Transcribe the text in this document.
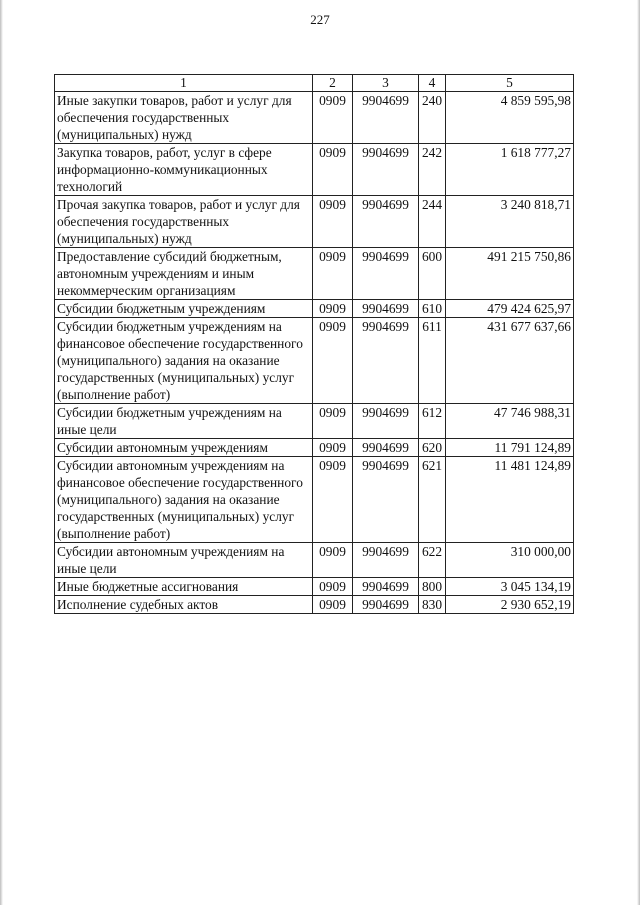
227
1	2	3	4	5
Иные закупки товаров, работ и услуг для обеспечения государственных (муниципальных) нужд	0909	9904699	240	4 859 595,98
Закупка товаров, работ, услуг в сфере информационно-коммуникационных технологий	0909	9904699	242	1 618 777,27
Прочая закупка товаров, работ и услуг для обеспечения государственных (муниципальных) нужд	0909	9904699	244	3 240 818,71
Предоставление субсидий бюджетным, автономным учреждениям и иным некоммерческим организациям	0909	9904699	600	491 215 750,86
Субсидии бюджетным учреждениям	0909	9904699	610	479 424 625,97
Субсидии бюджетным учреждениям на финансовое обеспечение государственного (муниципального) задания на оказание государственных (муниципальных) услуг (выполнение работ)	0909	9904699	611	431 677 637,66
Субсидии бюджетным учреждениям на иные цели	0909	9904699	612	47 746 988,31
Субсидии автономным учреждениям	0909	9904699	620	11 791 124,89
Субсидии автономным учреждениям на финансовое обеспечение государственного (муниципального) задания на оказание государственных (муниципальных) услуг (выполнение работ)	0909	9904699	621	11 481 124,89
Субсидии автономным учреждениям на иные цели	0909	9904699	622	310 000,00
Иные бюджетные ассигнования	0909	9904699	800	3 045 134,19
Исполнение судебных актов	0909	9904699	830	2 930 652,19
